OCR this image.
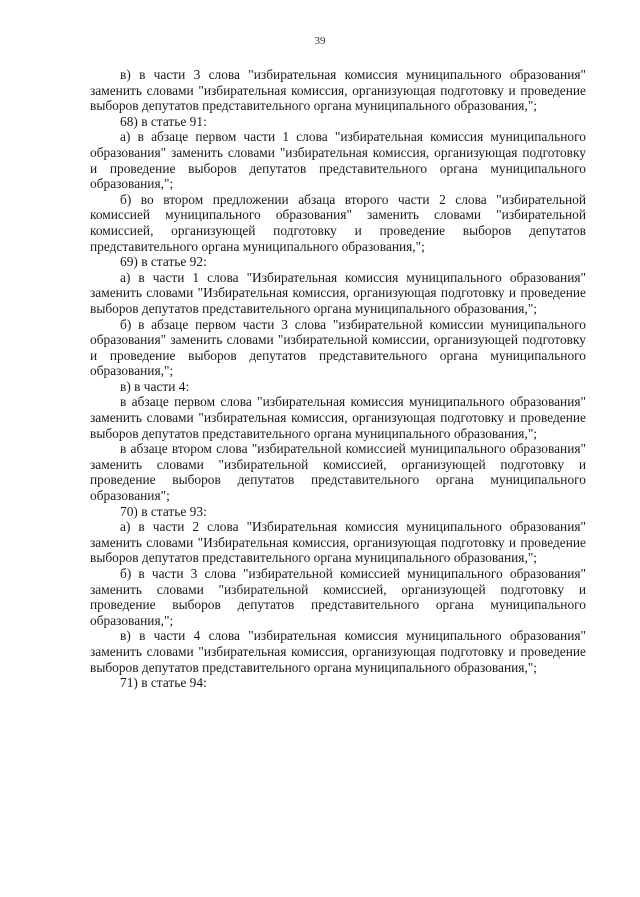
39

в) в части 3 слова "избирательная комиссия муниципального образования" заменить словами "избирательная комиссия, организующая подготовку и проведение выборов депутатов представительного органа муниципального образования,";

68) в статье 91:

а) в абзаце первом части 1 слова "избирательная комиссия муниципального образования" заменить словами "избирательная комиссия, организующая подготовку и проведение выборов депутатов представительного органа муниципального образования,";

б) во втором предложении абзаца второго части 2 слова "избирательной комиссией муниципального образования" заменить словами "избирательной комиссией, организующей подготовку и проведение выборов депутатов представительного органа муниципального образования,";

69) в статье 92:

а) в части 1 слова "Избирательная комиссия муниципального образования" заменить словами "Избирательная комиссия, организующая подготовку и проведение выборов депутатов представительного органа муниципального образования,";

б) в абзаце первом части 3 слова "избирательной комиссии муниципального образования" заменить словами "избирательной комиссии, организующей подготовку и проведение выборов депутатов представительного органа муниципального образования,";

в) в части 4:

в абзаце первом слова "избирательная комиссия муниципального образования" заменить словами "избирательная комиссия, организующая подготовку и проведение выборов депутатов представительного органа муниципального образования,";

в абзаце втором слова "избирательной комиссией муниципального образования" заменить словами "избирательной комиссией, организующей подготовку и проведение выборов депутатов представительного органа муниципального образования";

70) в статье 93:

а) в части 2 слова "Избирательная комиссия муниципального образования" заменить словами "Избирательная комиссия, организующая подготовку и проведение выборов депутатов представительного органа муниципального образования,";

б) в части 3 слова "избирательной комиссией муниципального образования" заменить словами "избирательной комиссией, организующей подготовку и проведение выборов депутатов представительного органа муниципального образования,";

в) в части 4 слова "избирательная комиссия муниципального образования" заменить словами "избирательная комиссия, организующая подготовку и проведение выборов депутатов представительного органа муниципального образования,";

71) в статье 94:
